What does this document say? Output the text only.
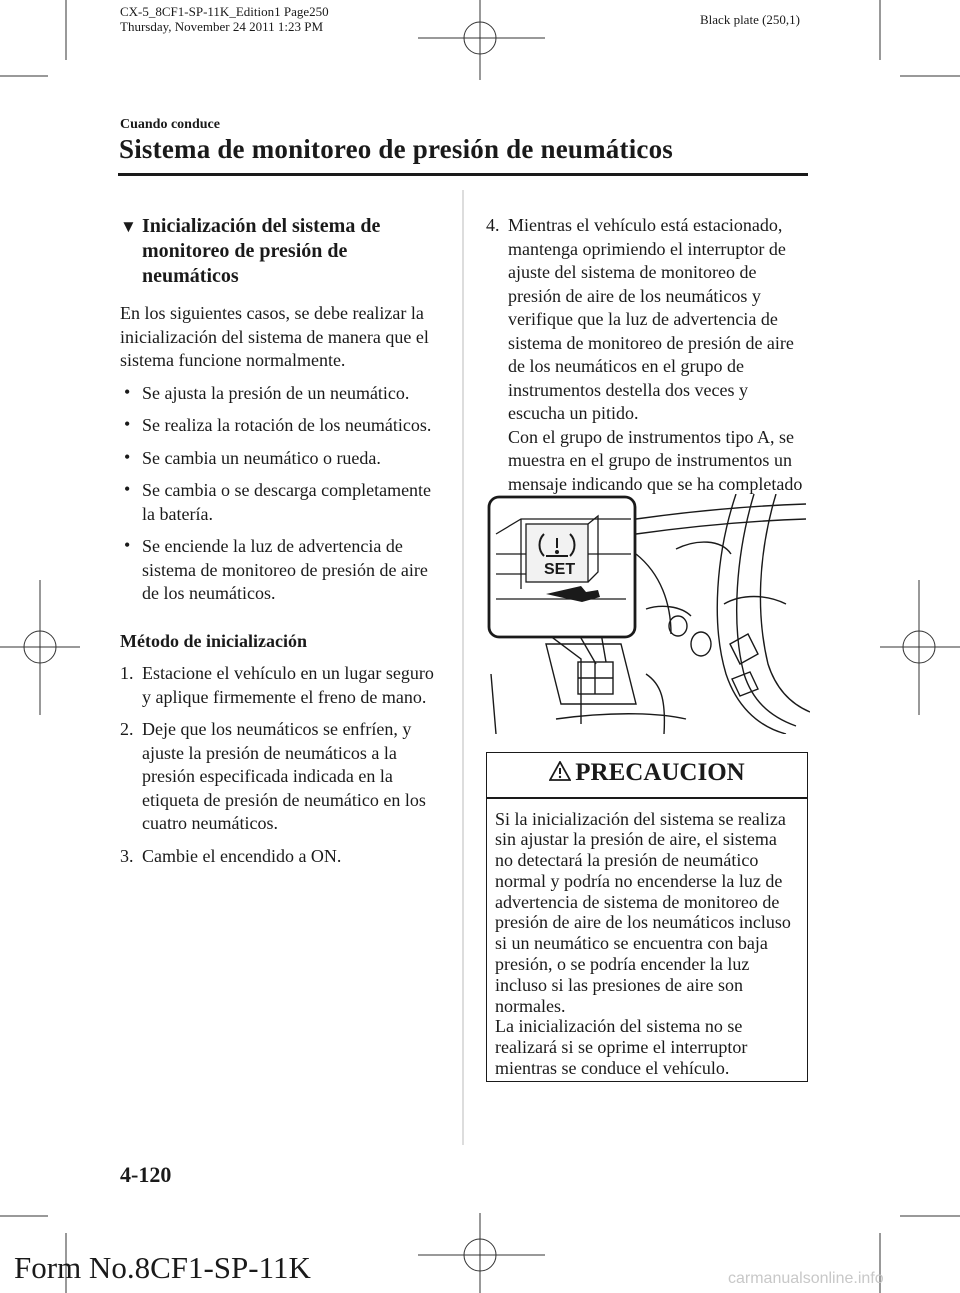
CX-5_8CF1-SP-11K_Edition1 Page250
Thursday, November 24 2011 1:23 PM	Black plate (250,1)
Cuando conduce
Sistema de monitoreo de presión de neumáticos
▼ Inicialización del sistema de monitoreo de presión de neumáticos

En los siguientes casos, se debe realizar la inicialización del sistema de manera que el sistema funcione normalmente.

• Se ajusta la presión de un neumático.
• Se realiza la rotación de los neumáticos.
• Se cambia un neumático o rueda.
• Se cambia o se descarga completamente la batería.
• Se enciende la luz de advertencia de sistema de monitoreo de presión de aire de los neumáticos.

Método de inicialización

1. Estacione el vehículo en un lugar seguro y aplique firmemente el freno de mano.
2. Deje que los neumáticos se enfríen, y ajuste la presión de neumáticos a la presión especificada indicada en la etiqueta de presión de neumático en los cuatro neumáticos.
3. Cambie el encendido a ON.
4. Mientras el vehículo está estacionado, mantenga oprimiendo el interruptor de ajuste del sistema de monitoreo de presión de aire de los neumáticos y verifique que la luz de advertencia de sistema de monitoreo de presión de aire de los neumáticos en el grupo de instrumentos destella dos veces y escucha un pitido.
Con el grupo de instrumentos tipo A, se muestra en el grupo de instrumentos un mensaje indicando que se ha completado
SET
PRECAUCION

Si la inicialización del sistema se realiza sin ajustar la presión de aire, el sistema no detectará la presión de neumático normal y podría no encenderse la luz de advertencia de sistema de monitoreo de presión de aire de los neumáticos incluso si un neumático se encuentra con baja presión, o se podría encender la luz incluso si las presiones de aire son normales.

La inicialización del sistema no se realizará si se oprime el interruptor mientras se conduce el vehículo.

4-120
Form No.8CF1-SP-11K	carmanualsonline.info
